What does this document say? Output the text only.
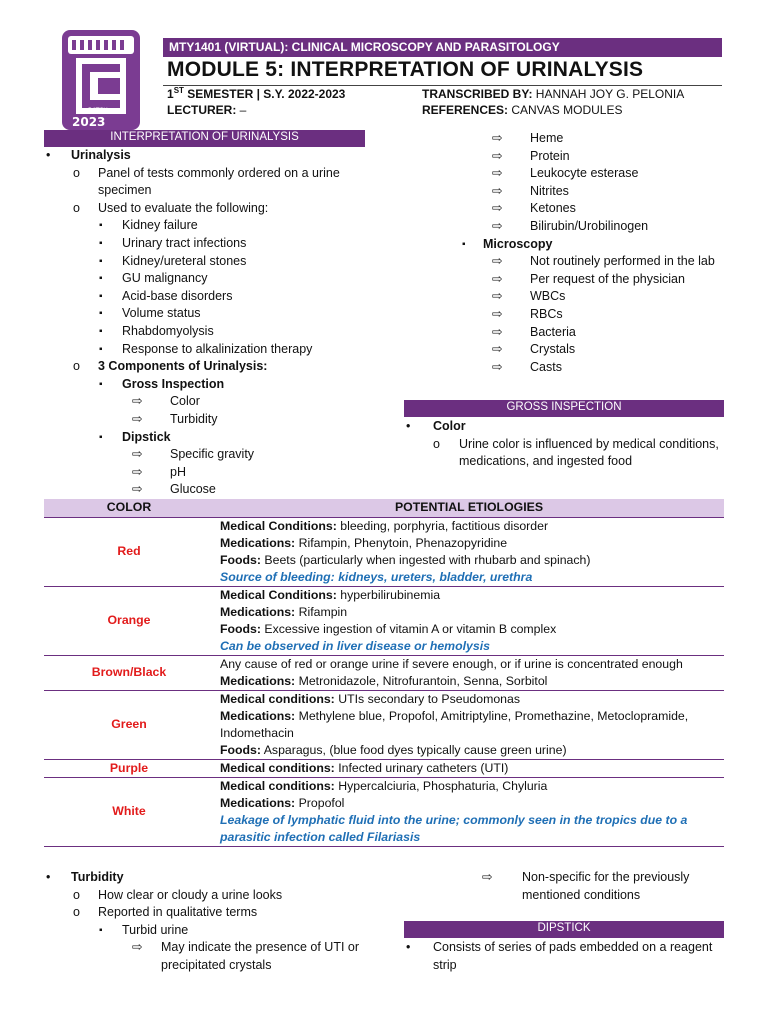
BATCH
2023
MTY1401 (VIRTUAL): CLINICAL MICROSCOPY AND PARASITOLOGY
MODULE 5: INTERPRETATION OF URINALYSIS
1ST SEMESTER | S.Y. 2022-2023
LECTURER: –
TRANSCRIBED BY: HANNAH JOY G. PELONIA
REFERENCES: CANVAS MODULES
INTERPRETATION OF URINALYSIS
GROSS INSPECTION
DIPSTICK
• Urinalysis
o Panel of tests commonly ordered on a urine
specimen
o Used to evaluate the following:
▪ Kidney failure
▪ Urinary tract infections
▪ Kidney/ureteral stones
▪ GU malignancy
▪ Acid-base disorders
▪ Volume status
▪ Rhabdomyolysis
▪ Response to alkalinization therapy
o 3 Components of Urinalysis:
▪ Gross Inspection
⇨ Color
⇨ Turbidity
▪ Dipstick
⇨ Specific gravity
⇨ pH
⇨ Glucose
⇨ Heme
⇨ Protein
⇨ Leukocyte esterase
⇨ Nitrites
⇨ Ketones
⇨ Bilirubin/Urobilinogen
▪ Microscopy
⇨ Not routinely performed in the lab
⇨ Per request of the physician
⇨ WBCs
⇨ RBCs
⇨ Bacteria
⇨ Crystals
⇨ Casts
• Color
o Urine color is influenced by medical conditions,
medications, and ingested food
COLOR	POTENTIAL ETIOLOGIES
Red	Medical Conditions: bleeding, porphyria, factitious disorder
Medications: Rifampin, Phenytoin, Phenazopyridine
Foods: Beets (particularly when ingested with rhubarb and spinach)
Source of bleeding: kidneys, ureters, bladder, urethra

Orange	Medical Conditions: hyperbilirubinemia
Medications: Rifampin
Foods: Excessive ingestion of vitamin A or vitamin B complex
Can be observed in liver disease or hemolysis

Brown/Black	Any cause of red or orange urine if severe enough, or if urine is concentrated enough
Medications: Metronidazole, Nitrofurantoin, Senna, Sorbitol

Green	Medical conditions: UTIs secondary to Pseudomonas
Medications: Methylene blue, Propofol, Amitriptyline, Promethazine, Metoclopramide,
Indomethacin
Foods: Asparagus, (blue food dyes typically cause green urine)

Purple	Medical conditions: Infected urinary catheters (UTI)

White	Medical conditions: Hypercalciuria, Phosphaturia, Chyluria
Medications: Propofol
Leakage of lymphatic fluid into the urine; commonly seen in the tropics due to a
parasitic infection called Filariasis
• Turbidity
o How clear or cloudy a urine looks
o Reported in qualitative terms
▪ Turbid urine
⇨ May indicate the presence of UTI or
precipitated crystals
⇨ Non-specific for the previously
mentioned conditions
• Consists of series of pads embedded on a reagent
strip
